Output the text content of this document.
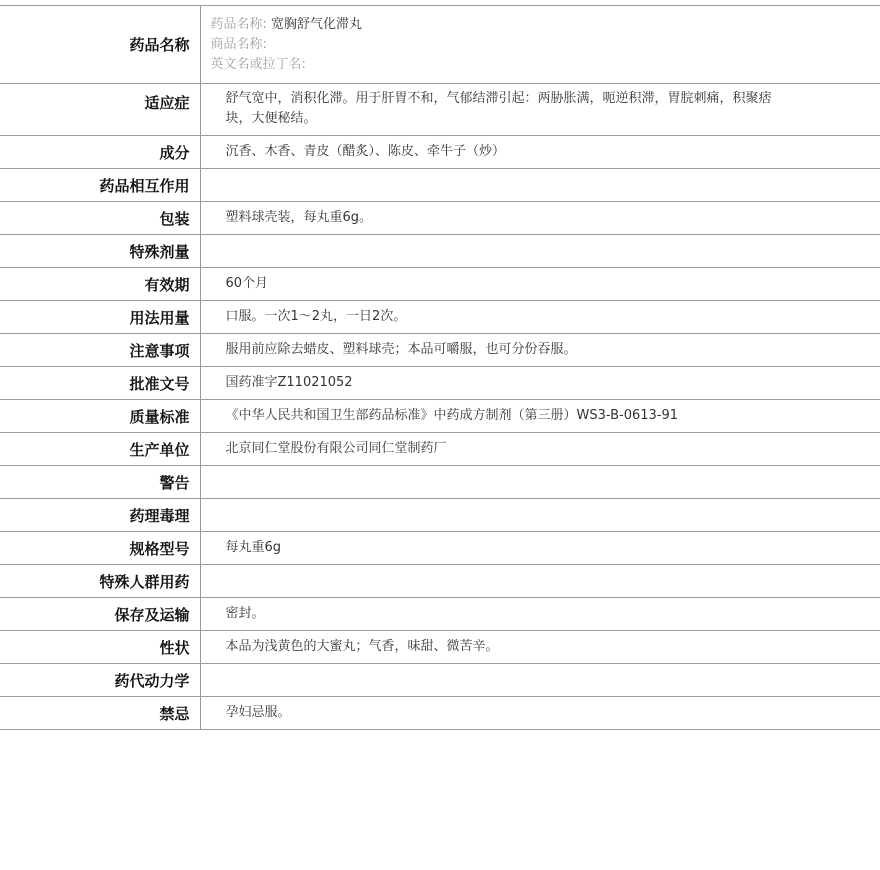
药品名称	药品名称: 宽胸舒气化滞丸
商品名称:
英文名或拉丁名:

适应症	舒气宽中，消积化滞。用于肝胃不和，气郁结滞引起：两胁胀满，呃逆积滞，胃脘刺痛，积聚痞块，大便秘结。
成分	沉香、木香、青皮（醋炙）、陈皮、牵牛子（炒）
药品相互作用	
包装	塑料球壳装，每丸重6g。
特殊剂量	
有效期	60个月
用法用量	口服。一次1～2丸，一日2次。
注意事项	服用前应除去蜡皮、塑料球壳；本品可嚼服，也可分份吞服。
批准文号	国药准字Z11021052
质量标准	《中华人民共和国卫生部药品标准》中药成方制剂（第三册）WS3-B-0613-91
生产单位	北京同仁堂股份有限公司同仁堂制药厂
警告	
药理毒理	
规格型号	每丸重6g
特殊人群用药	
保存及运输	密封。
性状	本品为浅黄色的大蜜丸；气香，味甜、微苦辛。
药代动力学	
禁忌	孕妇忌服。
